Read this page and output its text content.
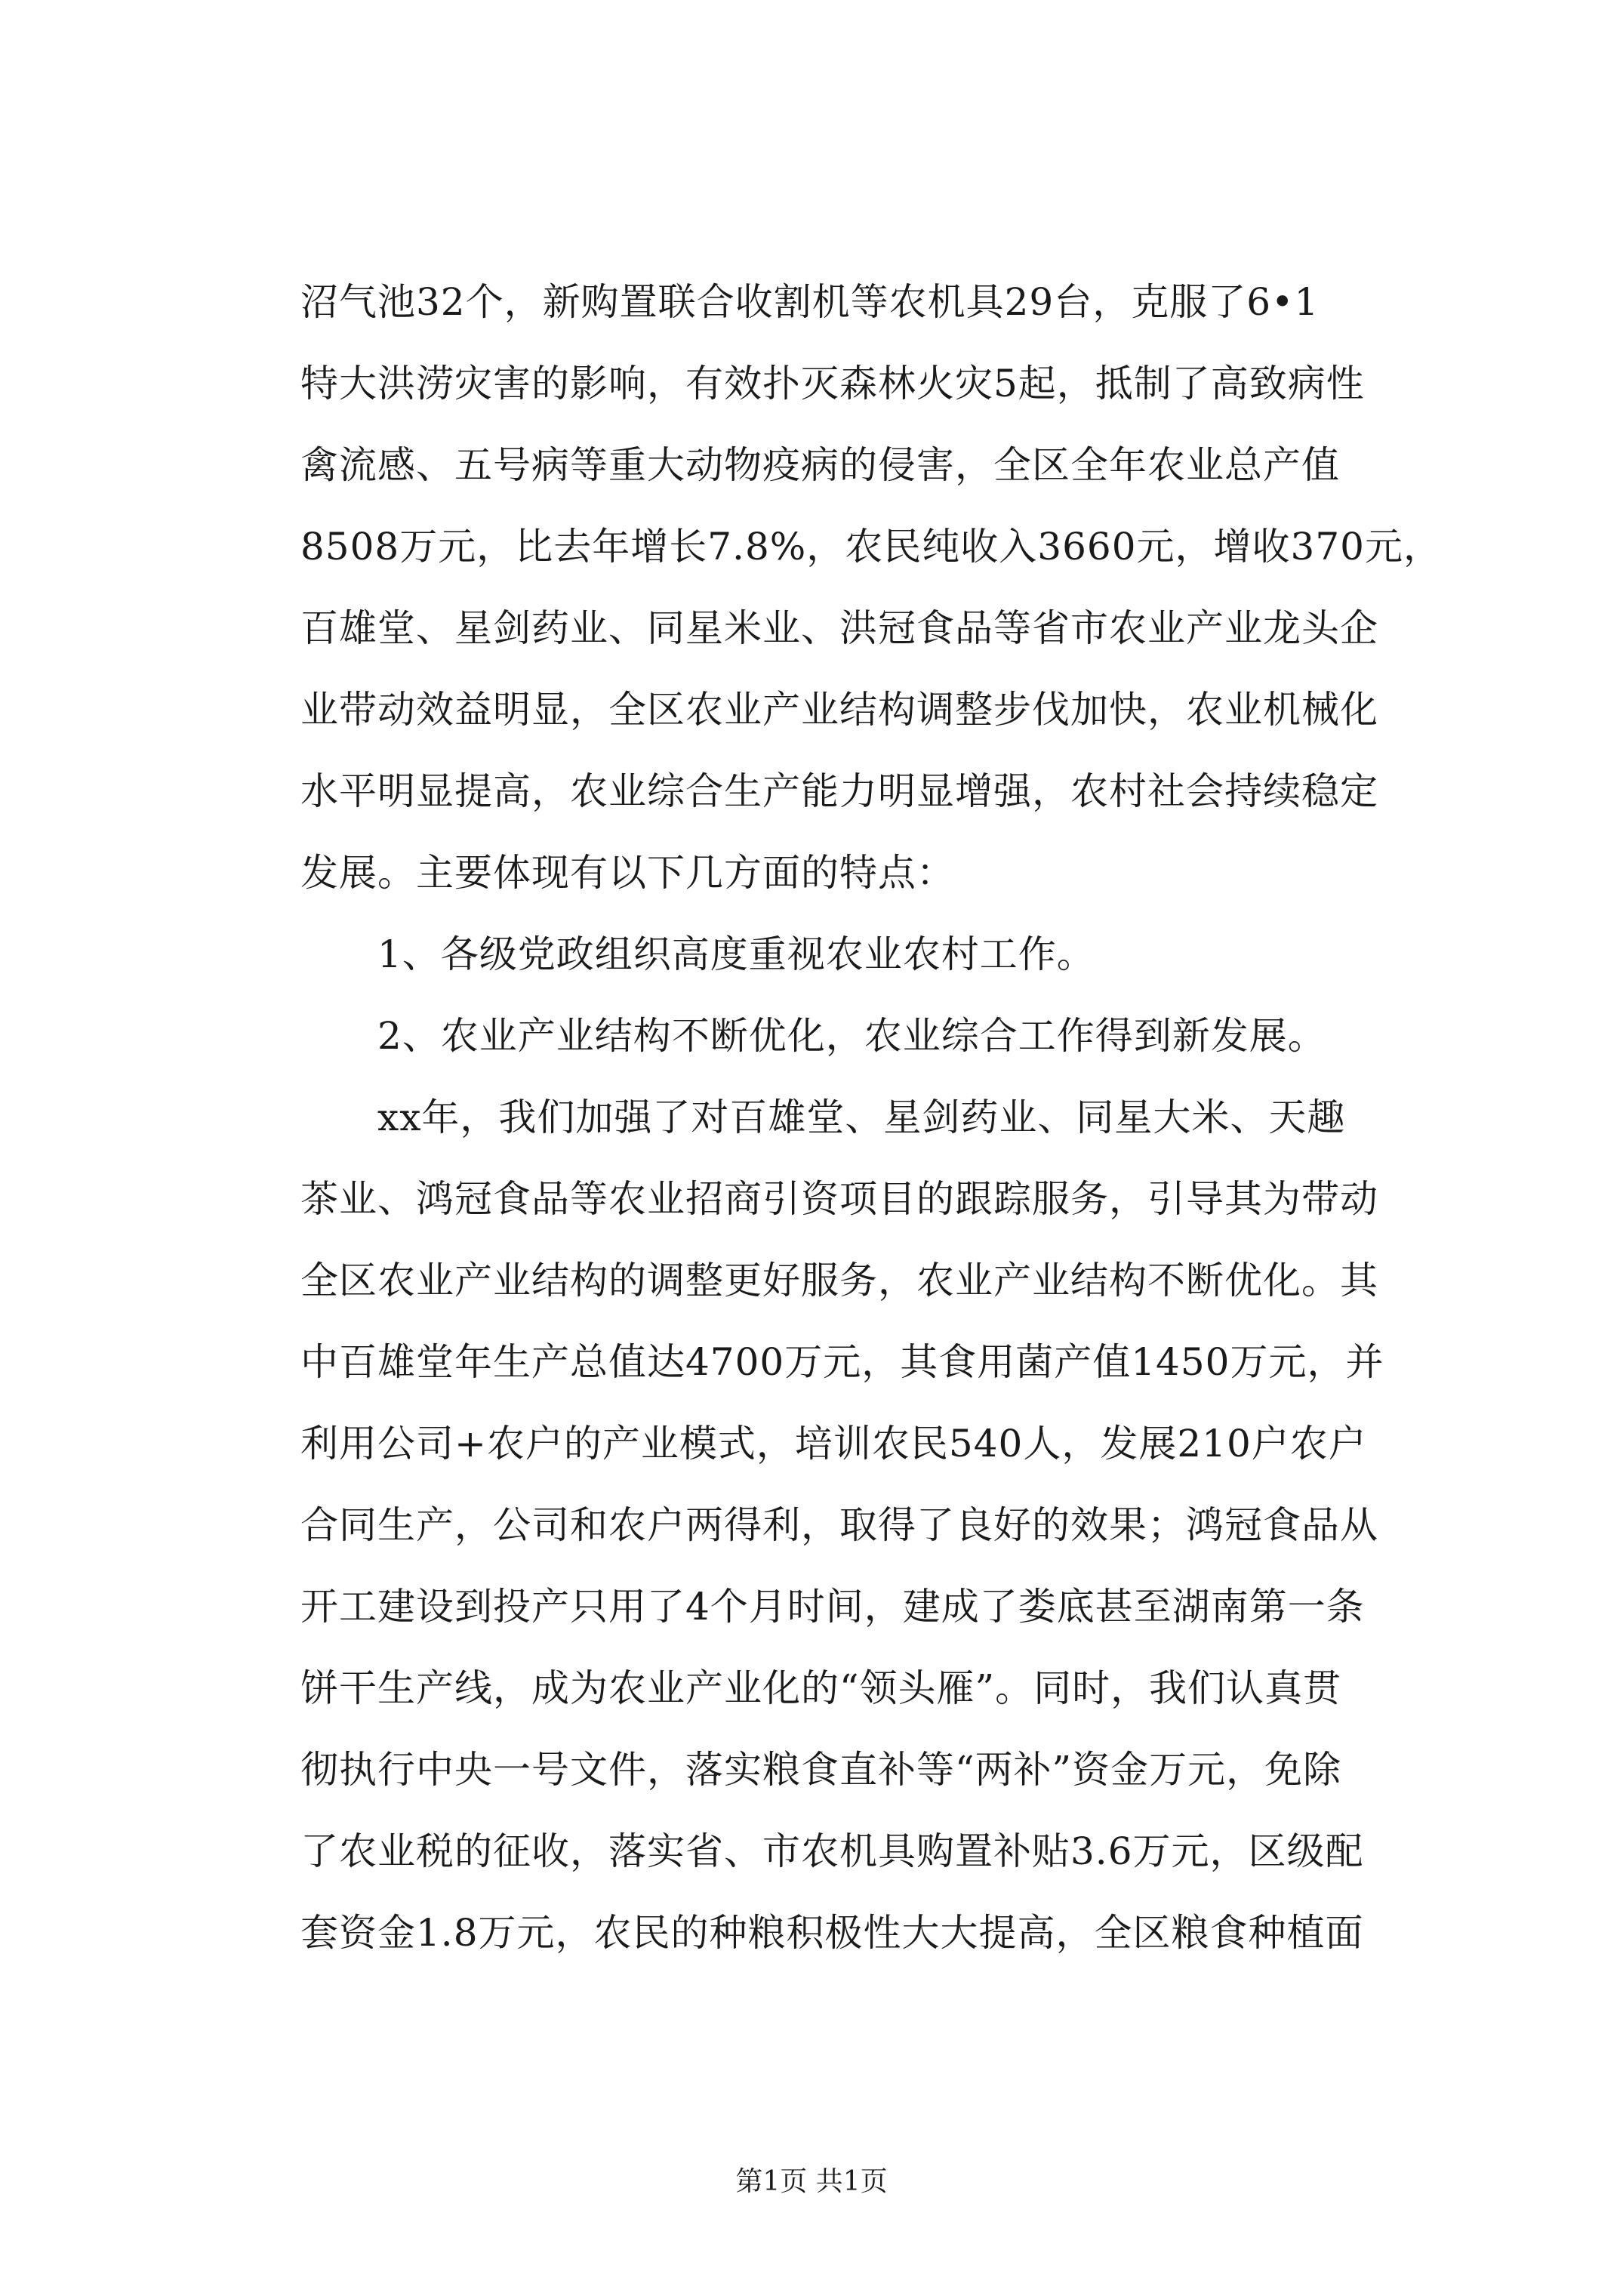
沼气池32个，新购置联合收割机等农机具29台，克服了6•1
特大洪涝灾害的影响，有效扑灭森林火灾5起，抵制了高致病性
禽流感、五号病等重大动物疫病的侵害，全区全年农业总产值
8508万元，比去年增长7.8%，农民纯收入3660元，增收370元，
百雄堂、星剑药业、同星米业、洪冠食品等省市农业产业龙头企
业带动效益明显，全区农业产业结构调整步伐加快，农业机械化
水平明显提高，农业综合生产能力明显增强，农村社会持续稳定
发展。主要体现有以下几方面的特点：
　　1、各级党政组织高度重视农业农村工作。
　　2、农业产业结构不断优化，农业综合工作得到新发展。
　　xx年，我们加强了对百雄堂、星剑药业、同星大米、天趣
茶业、鸿冠食品等农业招商引资项目的跟踪服务，引导其为带动
全区农业产业结构的调整更好服务，农业产业结构不断优化。其
中百雄堂年生产总值达4700万元，其食用菌产值1450万元，并
利用公司+农户的产业模式，培训农民540人，发展210户农户
合同生产，公司和农户两得利，取得了良好的效果；鸿冠食品从
开工建设到投产只用了4个月时间，建成了娄底甚至湖南第一条
饼干生产线，成为农业产业化的“领头雁”。同时，我们认真贯
彻执行中央一号文件，落实粮食直补等“两补”资金万元，免除
了农业税的征收，落实省、市农机具购置补贴3.6万元，区级配
套资金1.8万元，农民的种粮积极性大大提高，全区粮食种植面
第1页 共1页
